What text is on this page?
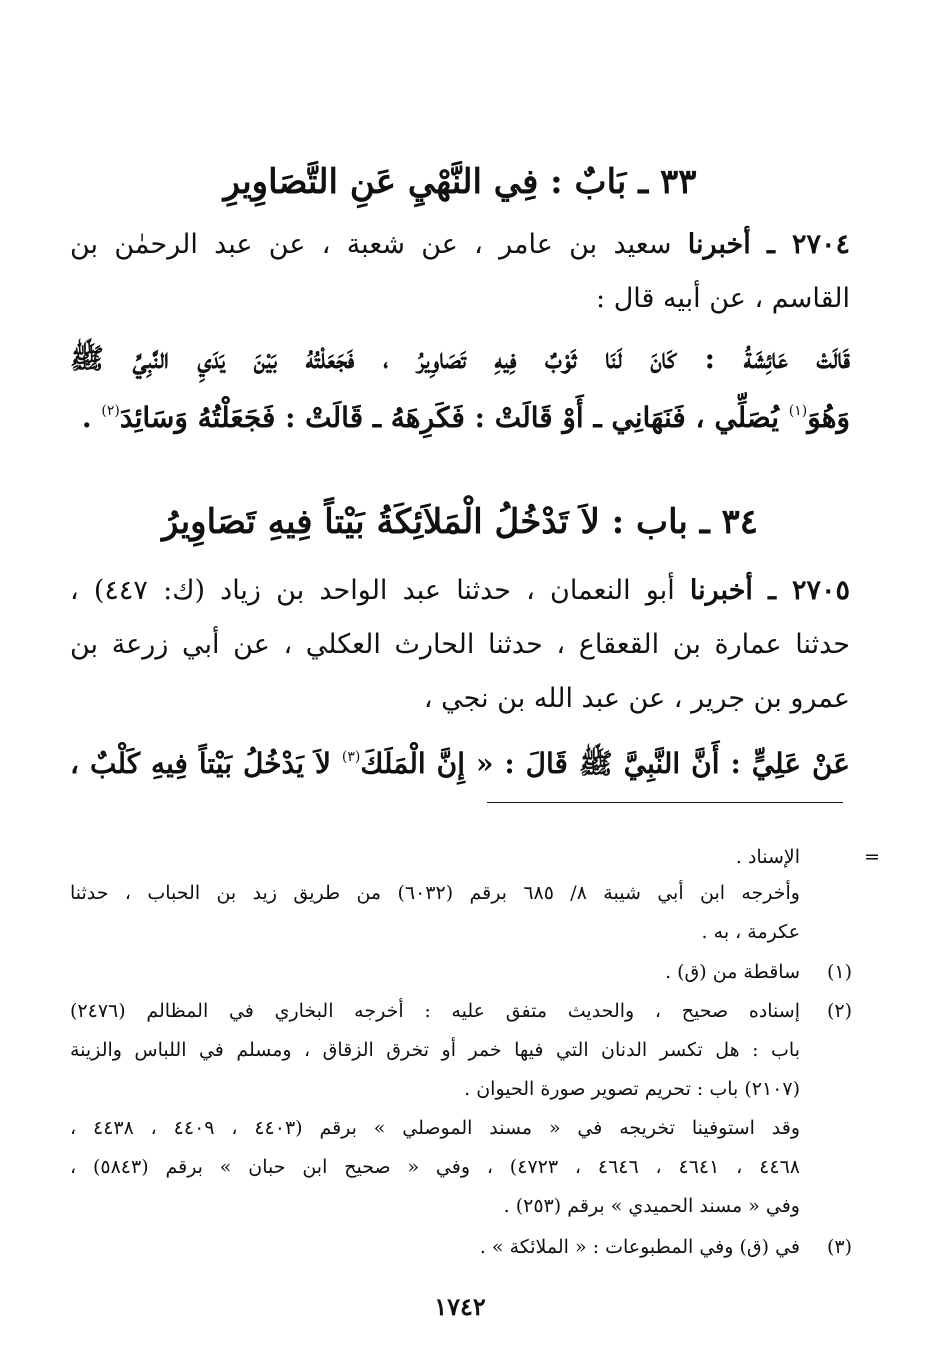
٣٣ ـ بَابٌ : فِي النَّهْيِ عَنِ التَّصَاوِيرِ
٢٧٠٤ ـ أخبرنا سعيد بن عامر ، عن شعبة ، عن عبد الرحمٰن بن
القاسم ، عن أبيه قال :
قَالَتْ عَائِشَةُ : كَانَ لَنَا ثَوْبٌ فِيهِ تَصَاوِيرُ ، فَجَعَلْتُهُ بَيْنَ يَدَيِ النَّبِيِّ ﷺ
وَهُوَ$^{(١)}$ يُصَلِّي ، فَنَهَانِي ـ أَوْ قَالَتْ : فَكَرِهَهُ ـ قَالَتْ : فَجَعَلْتُهُ وَسَائِدَ$^{(٢)}$ .
٣٤ ـ باب : لاَ تَدْخُلُ الْمَلاَئِكَةُ بَيْتاً فِيهِ تَصَاوِيرُ
٢٧٠٥ ـ أخبرنا أبو النعمان ، حدثنا عبد الواحد بن زياد (ك: ٤٤٧) ،
حدثنا عمارة بن القعقاع ، حدثنا الحارث العكلي ، عن أبي زرعة بن
عمرو بن جرير ، عن عبد الله بن نجي ،
عَنْ عَلِيٍّ : أَنَّ النَّبِيَّ ﷺ قَالَ : « إِنَّ الْمَلَكَ$^{(٣)}$ لاَ يَدْخُلُ بَيْتاً فِيهِ كَلْبٌ ،
=
الإسناد .
وأخرجه ابن أبي شيبة ٨/ ٦٨٥ برقم (٦٠٣٢) من طريق زيد بن الحباب ، حدثنا
عكرمة ، به .
(١)
ساقطة من (ق) .
(٢)
إسناده صحيح ، والحديث متفق عليه : أخرجه البخاري في المظالم (٢٤٧٦)
باب : هل تكسر الدنان التي فيها خمر أو تخرق الزقاق ، ومسلم في اللباس والزينة
(٢١٠٧) باب : تحريم تصوير صورة الحيوان .
وقد استوفينا تخريجه في « مسند الموصلي » برقم (٤٤٠٣ ، ٤٤٠٩ ، ٤٤٣٨ ،
٤٤٦٨ ، ٤٦٤١ ، ٤٦٤٦ ، ٤٧٢٣) ، وفي « صحيح ابن حبان » برقم (٥٨٤٣) ،
وفي « مسند الحميدي » برقم (٢٥٣) .
(٣)
في (ق) وفي المطبوعات : « الملائكة » .
١٧٤٢
